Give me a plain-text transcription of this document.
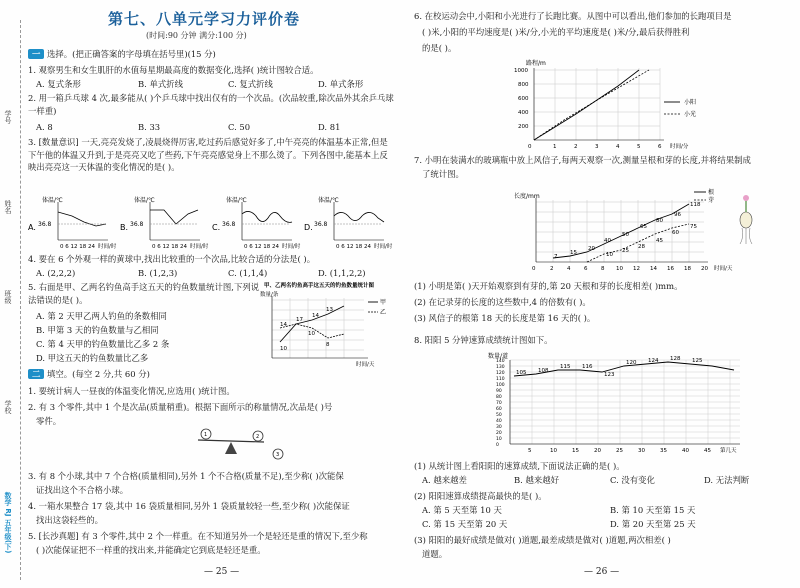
学号
姓名
班级
学校
数学 RJ 五年级(下)
第七、八单元学习力评价卷
(时间:90 分钟 满分:100 分)
一 选择。(把正确答案的字母填在括号里)(15 分)
1. 观察男生和女生肌肝的水值每星期最高度的数据变化,选择( )统计图较合适。
A. 复式条形	B. 单式折线	C. 复式折线	D. 单式条形
2. 用一箱乒乓球 4 次,最多能从( )个乒乓球中找出仅有的一个次品。(次品较重,除次品外其余乒乓球一样重)
A. 8	B. 33	C. 50	D. 81
3. [数量意识] 一天,亮亮发烧了,凌晨烧得厉害,吃过药后感觉好多了,中午亮亮的体温基本正常,但是下午他的体温又升到,于是亮亮又吃了些药,下午亮亮感觉身上不那么烫了。下列各图中,能基本上反映出亮亮这一天体温的变化情况的是( )。
A.
体温/℃
36.8
0 6 12 18 24 时间/时
B.
体温/℃
36.8
0 6 12 18 24 时间/时
C.
体温/℃
36.8
0 6 12 18 24 时间/时
D.
体温/℃
36.8
0 6 12 18 24 时间/时
4. 要在 6 个外观一样的黄球中,找出比较重的一个次品,比较合适的分法是( )。
A. (2,2,2)	B. (1,2,3)	C. (1,1,4)	D. (1,1,2,2)
5. 右面是甲、乙两名钓鱼高手这五天的钓鱼数量统计图,下列说法错误的是( )。
A. 第 2 天甲乙两人钓鱼的条数相同
B. 甲第 3 天的钓鱼数量与乙相同
C. 第 4 天甲的钓鱼数量比乙多 2 条
D. 甲这五天的钓鱼数量比乙多
甲、乙两名钓鱼高手这五天的钓鱼数量统计图
数量/条
17
14
13
14
10
10
8
甲
乙
时间/天
二 填空。(每空 2 分,共 60 分)
1. 要统计病人一昼夜的体温变化情况,应选用( )统计图。
2. 有 3 个零件,其中 1 个是次品(质量稍重)。根据下面所示的称量情况,次品是( )号
零件。
1	2
3
3. 有 8 个小球,其中 7 个合格(质量相同),另外 1 个不合格(质量不足),至少称( )次能保
证找出这个不合格小球。
4. 一箱水果整合 17 袋,其中 16 袋质量相同,另外 1 袋质量较轻一些,至少称( )次能保证
找出这袋轻些的。
5. [长沙真题] 有 3 个零件,其中 2 个一样重。在不知道另外一个是轻还是重的情况下,至少称
( )次能保证把不一样重的找出来,并能确定它到底是轻还是重。
— 25 —
6. 在校运动会中,小阳和小光进行了长跑比赛。从图中可以看出,他们参加的长跑项目是
( )米,小阳的平均速度是( )米/分,小光的平均速度是( )米/分,最后获得胜利
的是( )。
路程/m
1000
800
600
400
200
0	1	2	3	4	5	6 时间/分
小阳
小光
7. 小明在装满水的玻璃瓶中放上风信子,每两天观察一次,测量呈根和芽的长度,并将结果制成
了统计图。
长度/mm
118
96
80
75
65
50	60
45
40
28
25
15
20
10
7
0	2 4 6 8 10 12 14 16 18 20 时间/天
根
芽
(1) 小明是第( )天开始观察到有芽的,第 20 天根和芽的长度相差( )mm。
(2) 在记录芽的长度的这些数中,4 的倍数有( )。
(3) 风信子的根第 18 天的长度是第 16 天的( )。
8. 阳阳 5 分钟速算成绩统计图如下。
数量/道
105 108
115 116
123
120 124 128 125
5	10	15	20	25	30	35	40	45 第几天
0
10
20
30
40
50
60
70
80
90
100
110
120
130
140
(1) 从统计图上看阳阳的速算成绩,下面说法正确的是( )。
A. 越来越差	B. 越来越好	C. 没有变化	D. 无法判断
(2) 阳阳速算成绩提高最快的是( )。
A. 第 5 天至第 10 天	B. 第 10 天至第 15 天
C. 第 15 天至第 20 天	D. 第 20 天至第 25 天
(3) 阳阳的最好成绩是做对( )道题,最差成绩是做对( )道题,两次相差( )
道题。
— 26 —
